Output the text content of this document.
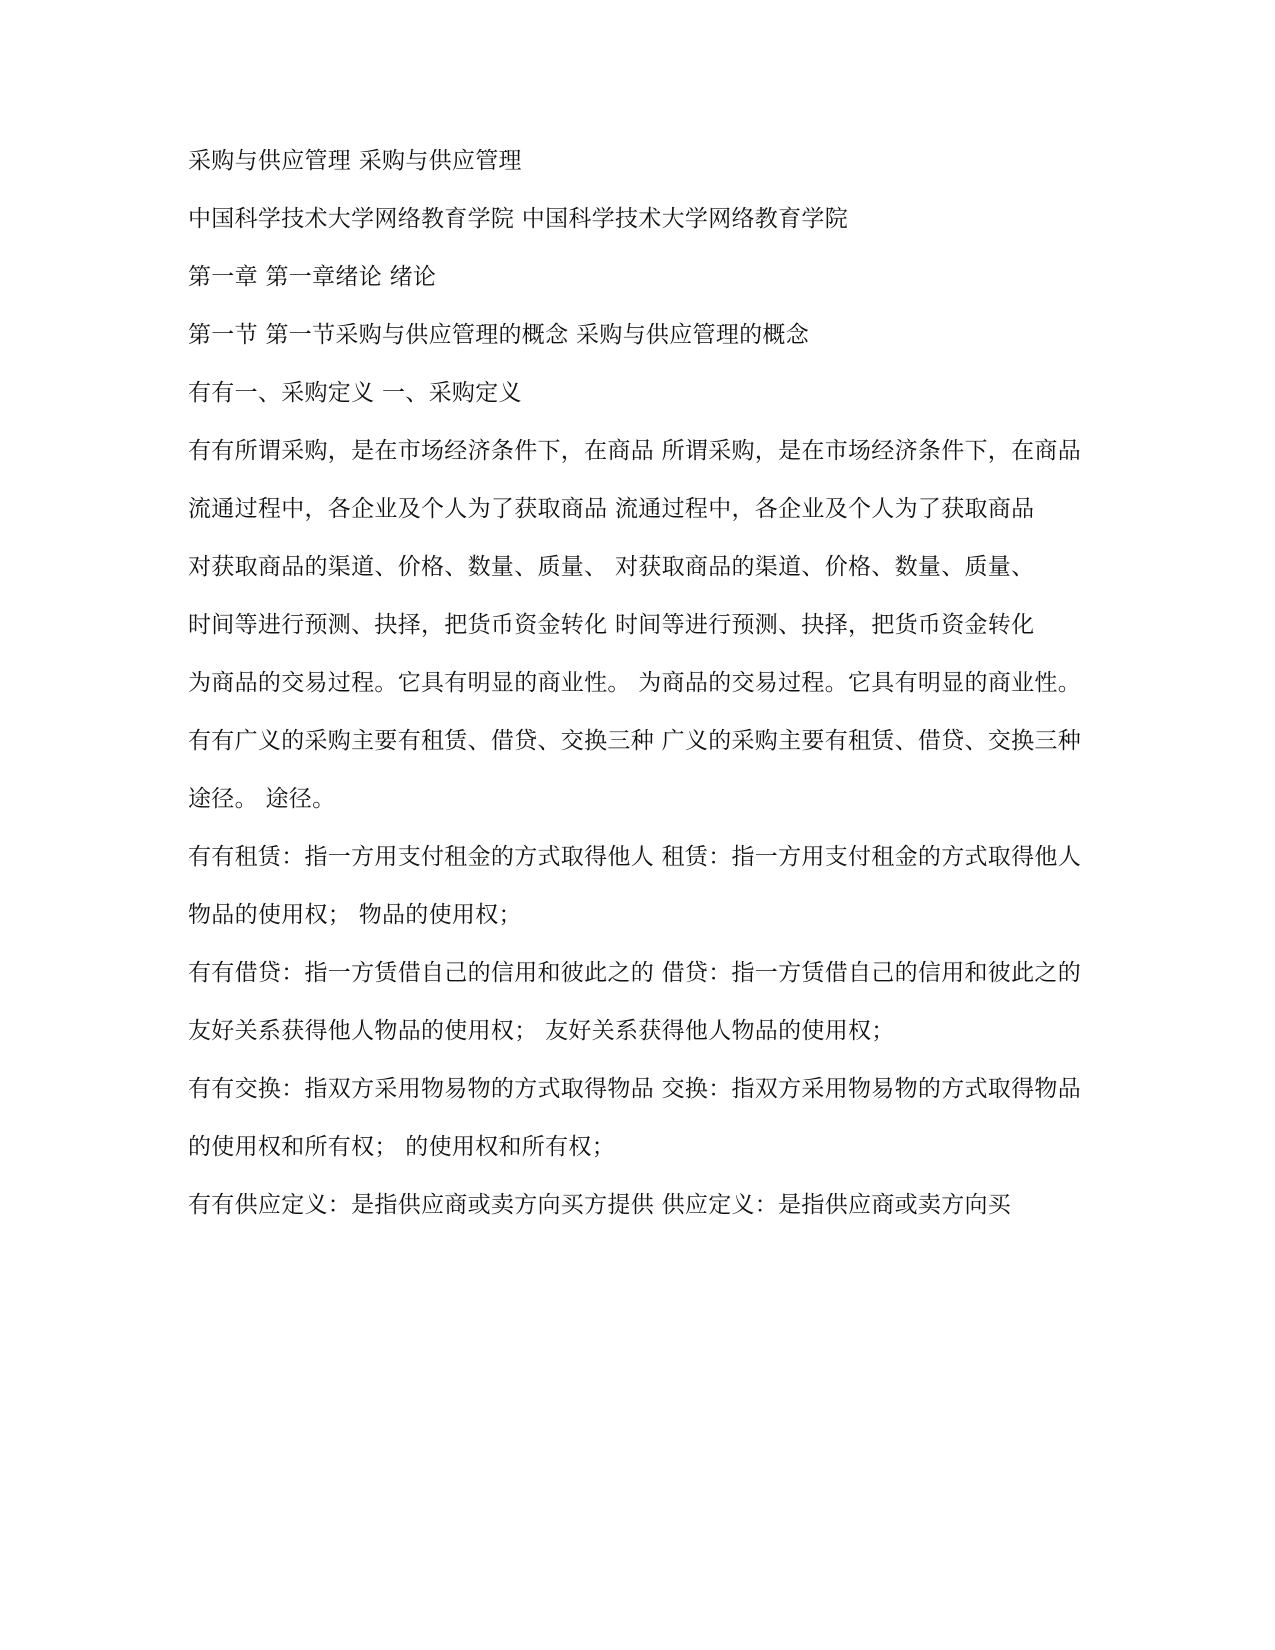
采购与供应管理 采购与供应管理

中国科学技术大学网络教育学院 中国科学技术大学网络教育学院

第一章 第一章绪论 绪论

第一节 第一节采购与供应管理的概念 采购与供应管理的概念

有有一、采购定义 一、采购定义

有有所谓采购，是在市场经济条件下，在商品 所谓采购，是在市场经济条件下，在商品

流通过程中，各企业及个人为了获取商品 流通过程中，各企业及个人为了获取商品

对获取商品的渠道、价格、数量、质量、 对获取商品的渠道、价格、数量、质量、

时间等进行预测、抉择，把货币资金转化 时间等进行预测、抉择，把货币资金转化

为商品的交易过程。它具有明显的商业性。 为商品的交易过程。它具有明显的商业性。

有有广义的采购主要有租赁、借贷、交换三种 广义的采购主要有租赁、借贷、交换三种

途径。 途径。

有有租赁：指一方用支付租金的方式取得他人 租赁：指一方用支付租金的方式取得他人

物品的使用权； 物品的使用权；

有有借贷：指一方赁借自己的信用和彼此之的 借贷：指一方赁借自己的信用和彼此之的

友好关系获得他人物品的使用权； 友好关系获得他人物品的使用权；

有有交换：指双方采用物易物的方式取得物品 交换：指双方采用物易物的方式取得物品

的使用权和所有权； 的使用权和所有权；

有有供应定义：是指供应商或卖方向买方提供 供应定义：是指供应商或卖方向买
